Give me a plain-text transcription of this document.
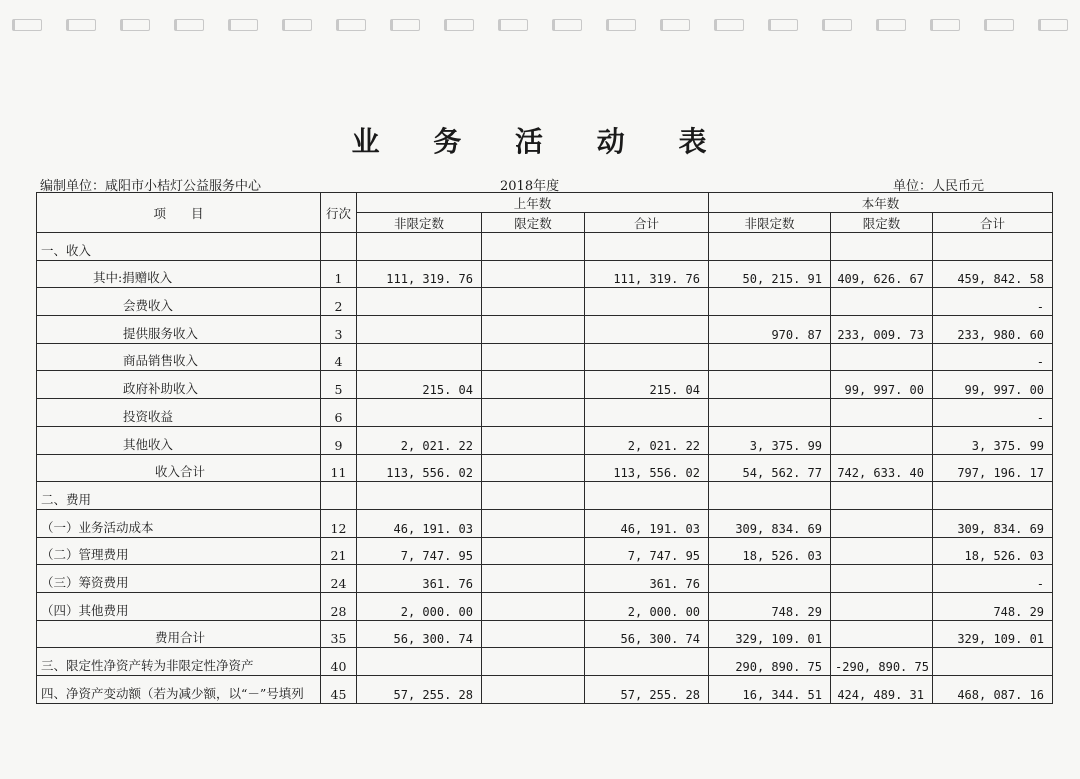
业 务 活 动 表
编制单位：咸阳市小桔灯公益服务中心	2018年度	单位：人民币元
项　　目	行次	上年数			本年数		
		非限定数	限定数	合计	非限定数	限定数	合计
一、收入							
其中:捐赠收入	1	111, 319. 76		111, 319. 76	50, 215. 91	409, 626. 67	459, 842. 58
会费收入	2						-
提供服务收入	3				970. 87	233, 009. 73	233, 980. 60
商品销售收入	4						-
政府补助收入	5	215. 04		215. 04		99, 997. 00	99, 997. 00
投资收益	6						-
其他收入	9	2, 021. 22		2, 021. 22	3, 375. 99		3, 375. 99
收入合计	11	113, 556. 02		113, 556. 02	54, 562. 77	742, 633. 40	797, 196. 17
二、费用							
（一）业务活动成本	12	46, 191. 03		46, 191. 03	309, 834. 69		309, 834. 69
（二）管理费用	21	7, 747. 95		7, 747. 95	18, 526. 03		18, 526. 03
（三）筹资费用	24	361. 76		361. 76			-
（四）其他费用	28	2, 000. 00		2, 000. 00	748. 29		748. 29
费用合计	35	56, 300. 74		56, 300. 74	329, 109. 01		329, 109. 01
三、限定性净资产转为非限定性净资产	40				290, 890. 75	-290, 890. 75	
四、净资产变动额（若为减少额，以“－”号填列	45	57, 255. 28		57, 255. 28	16, 344. 51	424, 489. 31	468, 087. 16
